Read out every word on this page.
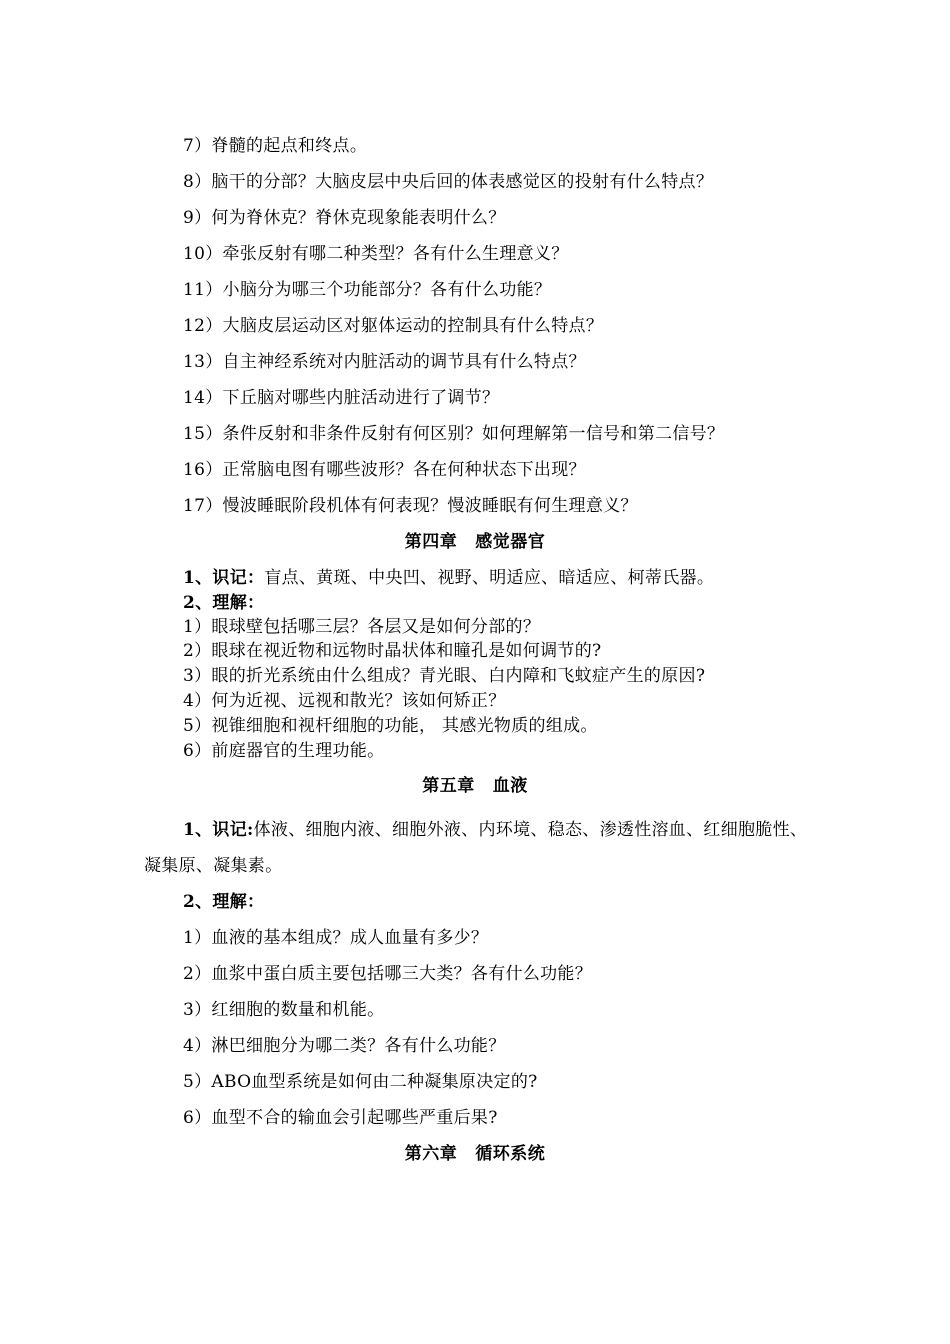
7）脊髓的起点和终点。
8）脑干的分部？大脑皮层中央后回的体表感觉区的投射有什么特点？
9）何为脊休克？脊休克现象能表明什么？
10）牵张反射有哪二种类型？各有什么生理意义？
11）小脑分为哪三个功能部分？各有什么功能？
12）大脑皮层运动区对躯体运动的控制具有什么特点？
13）自主神经系统对内脏活动的调节具有什么特点？
14）下丘脑对哪些内脏活动进行了调节？
15）条件反射和非条件反射有何区别？如何理解第一信号和第二信号？
16）正常脑电图有哪些波形？各在何种状态下出现？
17）慢波睡眠阶段机体有何表现？慢波睡眠有何生理意义？
第四章 感觉器官
1、识记：盲点、黄斑、中央凹、视野、明适应、暗适应、柯蒂氏器。
2、理解：
1）眼球壁包括哪三层？各层又是如何分部的？
2）眼球在视近物和远物时晶状体和瞳孔是如何调节的?
3）眼的折光系统由什么组成？青光眼、白内障和飞蚊症产生的原因?
4）何为近视、远视和散光？该如何矫正？
5）视锥细胞和视杆细胞的功能， 其感光物质的组成。
6）前庭器官的生理功能。
第五章 血液
1、识记:体液、细胞内液、细胞外液、内环境、稳态、渗透性溶血、红细胞脆性、
凝集原、凝集素。
2、理解：
1）血液的基本组成？成人血量有多少？
2）血浆中蛋白质主要包括哪三大类？各有什么功能？
3）红细胞的数量和机能。
4）淋巴细胞分为哪二类？各有什么功能？
5）ABO血型系统是如何由二种凝集原决定的?
6）血型不合的输血会引起哪些严重后果?
第六章 循环系统
